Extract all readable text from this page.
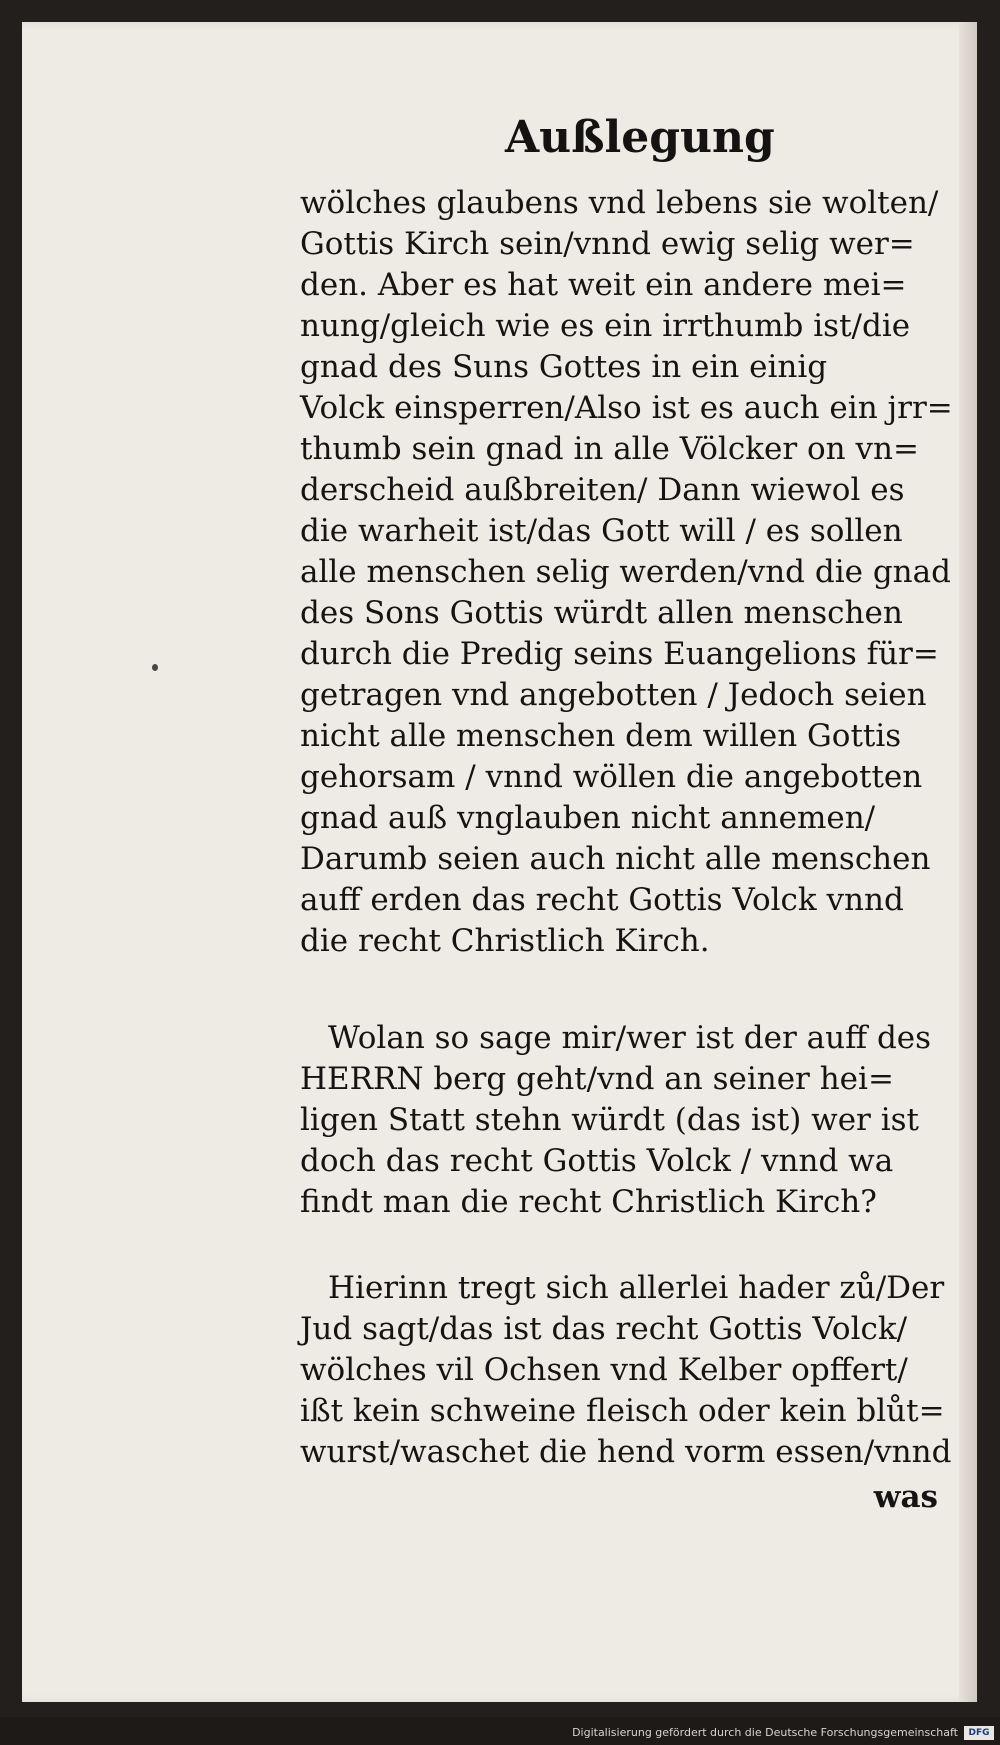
Außlegung
wölches glaubens vnd lebens sie wolten/
Gottis Kirch sein/vnnd ewig selig wer=
den. Aber es hat weit ein andere mei=
nung/gleich wie es ein irrthumb ist/die
gnad des Suns Gottes in ein einig
Volck einsperren/Also ist es auch ein jrr=
thumb sein gnad in alle Völcker on vn=
derscheid außbreiten/ Dann wiewol es
die warheit ist/das Gott will / es sollen
alle menschen selig werden/vnd die gnad
des Sons Gottis würdt allen menschen
durch die Predig seins Euangelions für=
getragen vnd angebotten / Jedoch seien
nicht alle menschen dem willen Gottis
gehorsam / vnnd wöllen die angebotten
gnad auß vnglauben nicht annemen/
Darumb seien auch nicht alle menschen
auff erden das recht Gottis Volck vnnd
die recht Christlich Kirch.
Wolan so sage mir/wer ist der auff des
HERRN berg geht/vnd an seiner hei=
ligen Statt stehn würdt (das ist) wer ist
doch das recht Gottis Volck / vnnd wa
findt man die recht Christlich Kirch?
Hierinn tregt sich allerlei hader zů/Der
Jud sagt/das ist das recht Gottis Volck/
wölches vil Ochsen vnd Kelber opffert/
ißt kein schweine fleisch oder kein blůt=
wurst/waschet die hend vorm essen/vnnd
was
Digitalisierung gefördert durch die Deutsche Forschungsgemeinschaft	DFG
